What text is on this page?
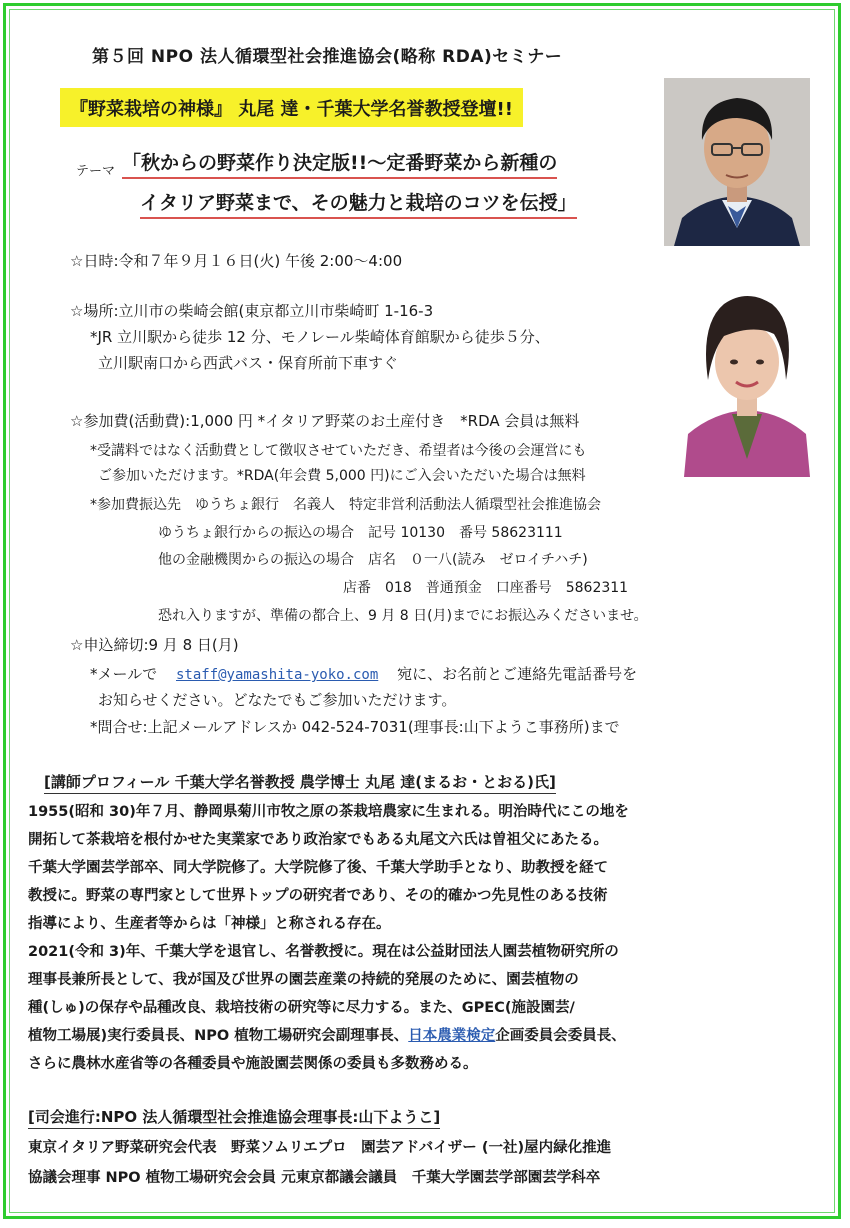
第５回 NPO 法人循環型社会推進協会(略称 RDA)セミナー
『野菜栽培の神様』 丸尾 達・千葉大学名誉教授登壇!!
テーマ 「秋からの野菜作り決定版!!～定番野菜から新種の
イタリア野菜まで、その魅力と栽培のコツを伝授」
☆日時:令和７年９月１６日(火) 午後 2:00～4:00
☆場所:立川市の柴崎会館(東京都立川市柴崎町 1-16-3
*JR 立川駅から徒歩 12 分、モノレール柴崎体育館駅から徒歩５分、
立川駅南口から西武バス・保育所前下車すぐ
☆参加費(活動費):1,000 円 *イタリア野菜のお土産付き　*RDA 会員は無料
*受講料ではなく活動費として徴収させていただき、希望者は今後の会運営にも
ご参加いただけます。*RDA(年会費 5,000 円)にご入会いただいた場合は無料
*参加費振込先　ゆうちょ銀行　名義人　特定非営利活動法人循環型社会推進協会
ゆうちょ銀行からの振込の場合　記号 10130　番号 58623111
他の金融機関からの振込の場合　店名　０一八(読み　ゼロイチハチ)
店番　018　普通預金　口座番号　5862311
恐れ入りますが、準備の都合上、9 月 8 日(月)までにお振込みくださいませ。
☆申込締切:9 月 8 日(月)
*メールで staff@yamashita-yoko.com 宛に、お名前とご連絡先電話番号を
お知らせください。どなたでもご参加いただけます。
*問合せ:上記メールアドレスか 042-524-7031(理事長:山下ようこ事務所)まで
[講師プロフィール 千葉大学名誉教授 農学博士 丸尾 達(まるお・とおる)氏]
1955(昭和 30)年７月、静岡県菊川市牧之原の茶栽培農家に生まれる。明治時代にこの地を
開拓して茶栽培を根付かせた実業家であり政治家でもある丸尾文六氏は曽祖父にあたる。
千葉大学園芸学部卒、同大学院修了。大学院修了後、千葉大学助手となり、助教授を経て
教授に。野菜の専門家として世界トップの研究者であり、その的確かつ先見性のある技術
指導により、生産者等からは「神様」と称される存在。
2021(令和 3)年、千葉大学を退官し、名誉教授に。現在は公益財団法人園芸植物研究所の
理事長兼所長として、我が国及び世界の園芸産業の持続的発展のために、園芸植物の
種(しゅ)の保存や品種改良、栽培技術の研究等に尽力する。また、GPEC(施設園芸/
植物工場展)実行委員長、NPO 植物工場研究会副理事長、日本農業検定企画委員会委員長、
さらに農林水産省等の各種委員や施設園芸関係の委員も多数務める。
[司会進行:NPO 法人循環型社会推進協会理事長:山下ようこ]
東京イタリア野菜研究会代表　野菜ソムリエプロ　園芸アドバイザー (一社)屋内緑化推進
協議会理事 NPO 植物工場研究会会員 元東京都議会議員　千葉大学園芸学部園芸学科卒
